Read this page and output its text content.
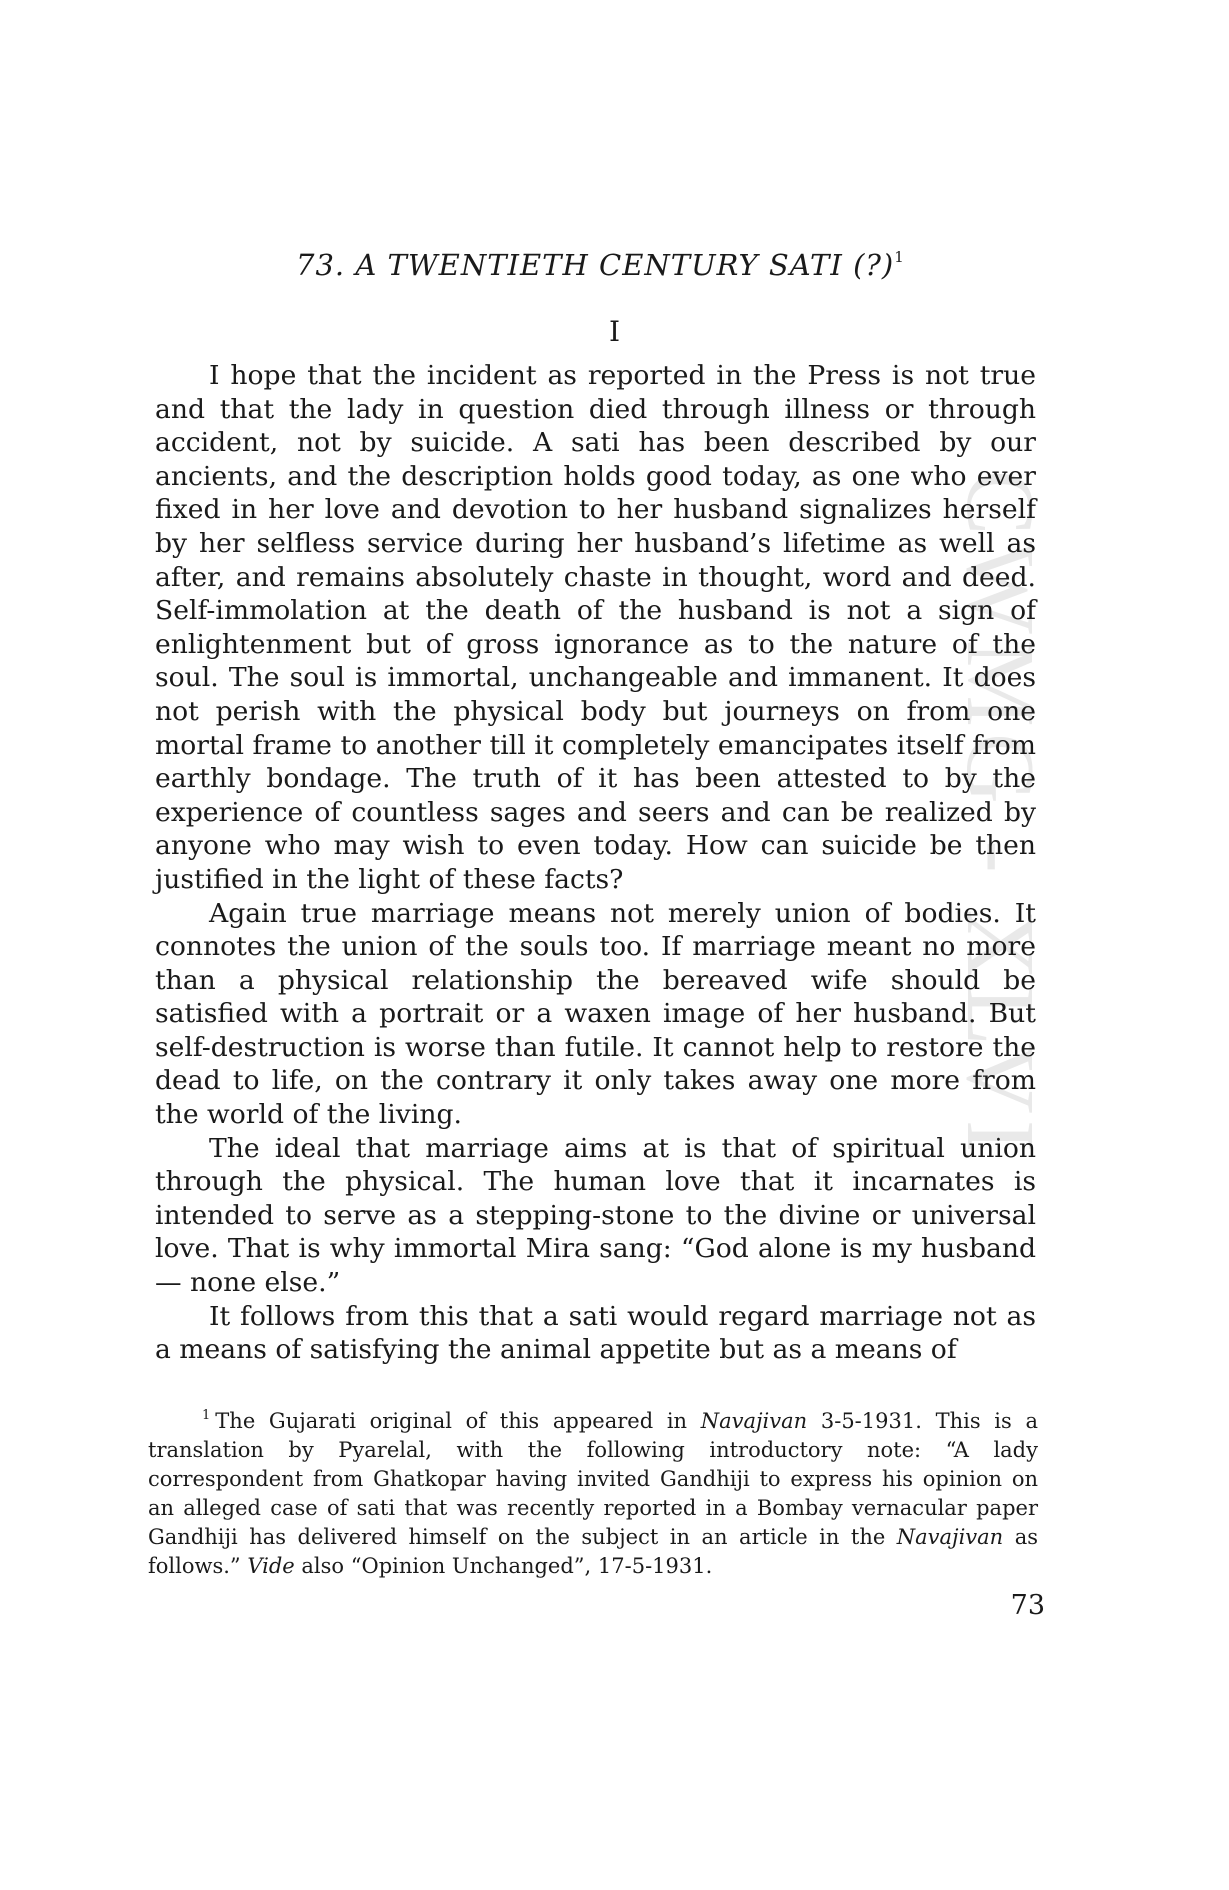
CWMG - XLVI
73. A TWENTIETH CENTURY SATI (?)$^1$
I

I hope that the incident as reported in the Press is not true and that the lady in question died through illness or through accident, not by suicide. A sati has been described by our ancients, and the description holds good today, as one who ever fixed in her love and devotion to her husband signalizes herself by her selfless service during her husband’s lifetime as well as after, and remains absolutely chaste in thought, word and deed. Self-immolation at the death of the husband is not a sign of enlightenment but of gross ignorance as to the nature of the soul. The soul is immortal, unchangeable and immanent. It does not perish with the physical body but journeys on from one mortal frame to another till it completely emancipates itself from earthly bondage. The truth of it has been attested to by the experience of countless sages and seers and can be realized by anyone who may wish to even today. How can suicide be then justified in the light of these facts?

Again true marriage means not merely union of bodies. It connotes the union of the souls too. If marriage meant no more than a physical relationship the bereaved wife should be satisfied with a portrait or a waxen image of her husband. But self-destruction is worse than futile. It cannot help to restore the dead to life, on the contrary it only takes away one more from the world of the living.

The ideal that marriage aims at is that of spiritual union through the physical. The human love that it incarnates is intended to serve as a stepping-stone to the divine or universal love. That is why immortal Mira sang: “God alone is my husband — none else.”

It follows from this that a sati would regard marriage not as a means of satisfying the animal appetite but as a means of

$^1$ The Gujarati original of this appeared in Navajivan 3-5-1931. This is a translation by Pyarelal, with the following introductory note: “A lady correspondent from Ghatkopar having invited Gandhiji to express his opinion on an alleged case of sati that was recently reported in a Bombay vernacular paper Gandhiji has delivered himself on the subject in an article in the Navajivan as follows.” Vide also “Opinion Unchanged”, 17-5-1931.

73
